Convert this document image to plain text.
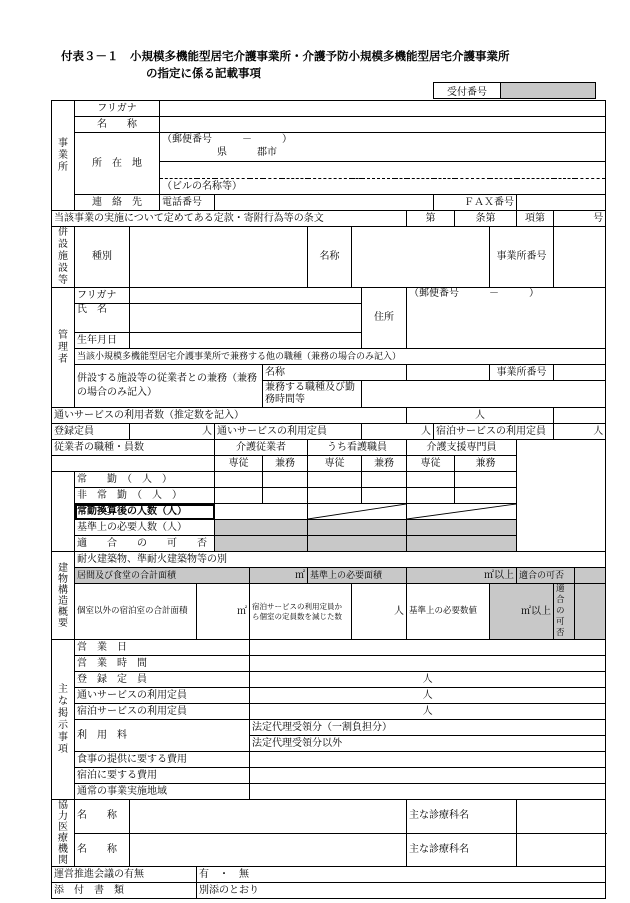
付表３－１　小規模多機能型居宅介護事業所・介護予防小規模多機能型居宅介護事業所
の指定に係る記載事項
受付番号	
事業所	フリガナ																
	名　　称																
	所　在　地		（郵便番号　　　－　　　）
県　　　郡市														

			（ビルの名称等）														
	連　絡　先		電話番号									ＦＡＸ番号					
当該事業の実施について定めてある定款・寄附行為等の条文											第		条第		項第	号	
併設施設等	種別							名称						事業所番号			
管理者	フリガナ									住所	（郵便番号　　　－　　　）						
	氏　名																
	生年月日																
	当該小規模多機能型居宅介護事業所で兼務する他の職種（兼務の場合のみ記入）																
	併設する施設等の従業者との兼務（兼務の場合のみ記入）						名称							事業所番号			
							兼務する職種及び勤務時間等										
通いサービスの利用者数（推定数を記入）											人						
登録定員		人			通いサービスの利用定員					人		宿泊サービスの利用定員				人	
従業者の職種・員数					介護従業者			うち看護職員			介護支援専門員						
					専従		兼務	専従		兼務	専従		兼務				
	常　　勤　（　人　）																
	非　常　勤　（　人　）																
	常勤換算後の人数（人）		

	基準上の必要人数（人）																
	適　　合　　の　　可　　否																
建物構造概要	耐火建築物、準耐火建築物等の別																
	居間及び食堂の合計面積					㎡		基準上の必要面積			㎡以上				適合の可否		
	個室以外の宿泊室の合計面積			㎡		宿泊サービスの利用定員から個室の定員数を減じた数			人		基準上の必要数値			㎡以上		適合の可否	
主な掲示事項	営　業　日																
	営　業　時　間																
	登　録　定　員					人											
	通いサービスの利用定員					人											
	宿泊サービスの利用定員					人											
	利　用　料					法定代理受領分（一割負担分）											
						法定代理受領分以外											
	食事の提供に要する費用																
	宿泊に要する費用																
	通常の事業実施地域																
協力医療機関	名　　称										主な診療科名						
	名　　称										主な診療科名						
運営推進会議の有無				有　・　無													
添　付　書　類				別添のとおり													
